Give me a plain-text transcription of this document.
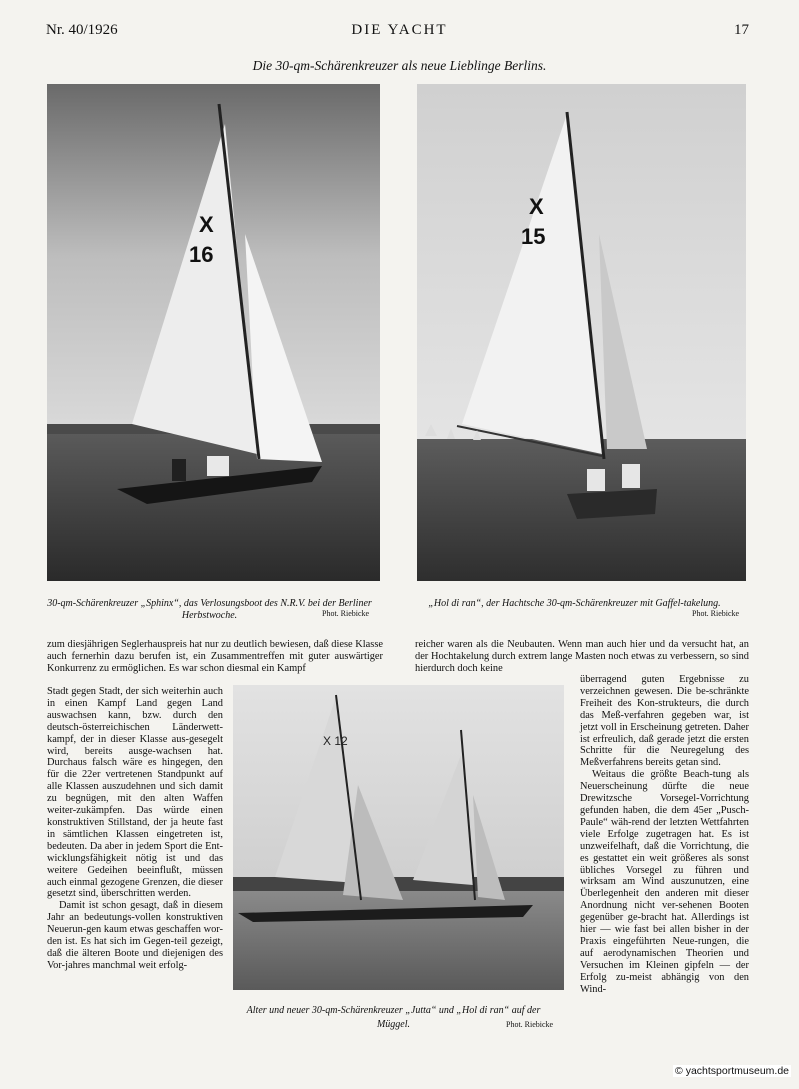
Nr. 40/1926	DIE YACHT	17
Die 30-qm-Schärenkreuzer als neue Lieblinge Berlins.
X
16
30-qm-Schärenkreuzer „Sphinx“, das Verlosungsboot des N.R.V. bei der Berliner Herbstwoche.	Phot. Riebicke
X
15
„Hol di ran“, der Hachtsche 30-qm-Schärenkreuzer mit Gaffel-takelung.
Phot. Riebicke
X 12
Alter und neuer 30-qm-Schärenkreuzer „Jutta“ und „Hol di ran“ auf der Müggel.	Phot. Riebicke

zum diesjährigen Seglerhauspreis hat nur zu deutlich bewiesen, daß diese Klasse auch fernerhin dazu berufen ist, ein Zusammentreffen mit guter auswärtiger Konkurrenz zu ermöglichen. Es war schon diesmal ein Kampf

Stadt gegen Stadt, der sich weiterhin auch in einen Kampf Land gegen Land auswachsen kann, bzw. durch den deutsch-österreichischen Länderwett-kampf, der in dieser Klasse aus-gesegelt wird, bereits ausge-wachsen hat. Durchaus falsch wäre es hingegen, den für die 22er vertretenen Standpunkt auf alle Klassen auszudehnen und sich damit zu begnügen, mit den alten Waffen weiter-zukämpfen. Das würde einen konstruktiven Stillstand, der ja heute fast in sämtlichen Klassen eingetreten ist, bedeuten. Da aber in jedem Sport die Ent-wicklungsfähigkeit nötig ist und das weitere Gedeihen beeinflußt, müssen auch einmal gezogene Grenzen, die dieser gesetzt sind, überschritten werden.

Damit ist schon gesagt, daß in diesem Jahr an bedeutungs-vollen konstruktiven Neuerun-gen kaum etwas geschaffen wor-den ist. Es hat sich im Gegen-teil gezeigt, daß die älteren Boote und diejenigen des Vor-jahres manchmal weit erfolg-

reicher waren als die Neubauten. Wenn man auch hier und da versucht hat, an der Hochtakelung durch extrem lange Masten noch etwas zu verbessern, so sind hierdurch doch keine

überragend guten Ergebnisse zu verzeichnen gewesen. Die be-schränkte Freiheit des Kon-strukteurs, die durch das Meß-verfahren gegeben war, ist jetzt voll in Erscheinung getreten. Daher ist erfreulich, daß gerade jetzt die ersten Schritte für die Neuregelung des Meßverfahrens bereits getan sind.

Weitaus die größte Beach-tung als Neuerscheinung dürfte die neue Drewitzsche Vorsegel-Vorrichtung gefunden haben, die dem 45er „Pusch-Paule“ wäh-rend der letzten Wettfahrten viele Erfolge zugetragen hat. Es ist unzweifelhaft, daß die Vorrichtung, die es gestattet ein weit größeres als sonst übliches Vorsegel zu führen und wirksam am Wind auszunutzen, eine Überlegenheit den anderen mit dieser Anordnung nicht ver-sehenen Booten gegenüber ge-bracht hat. Allerdings ist hier — wie fast bei allen bisher in der Praxis eingeführten Neue-rungen, die auf aerodynamischen Theorien und Versuchen im Kleinen gipfeln — der Erfolg zu-meist abhängig von den Wind-

© yachtsportmuseum.de
